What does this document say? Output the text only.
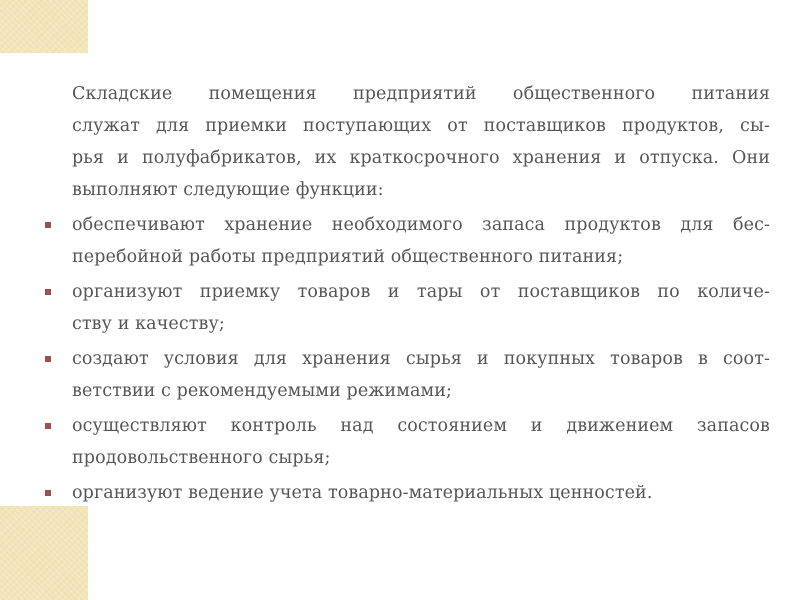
Складские помещения предприятий общественного питания
служат для приемки поступающих от поставщиков продуктов, сы-
рья и полуфабрикатов, их краткосрочного хранения и отпуска. Они
выполняют следующие функции:

обеспечивают хранение необходимого запаса продуктов для бес-
перебойной работы предприятий общественного питания;
организуют приемку товаров и тары от поставщиков по количе-
ству и качеству;
создают условия для хранения сырья и покупных товаров в соот-
ветствии с рекомендуемыми режимами;
осуществляют контроль над состоянием и движением запасов
продовольственного сырья;
организуют ведение учета товарно-материальных ценностей.
